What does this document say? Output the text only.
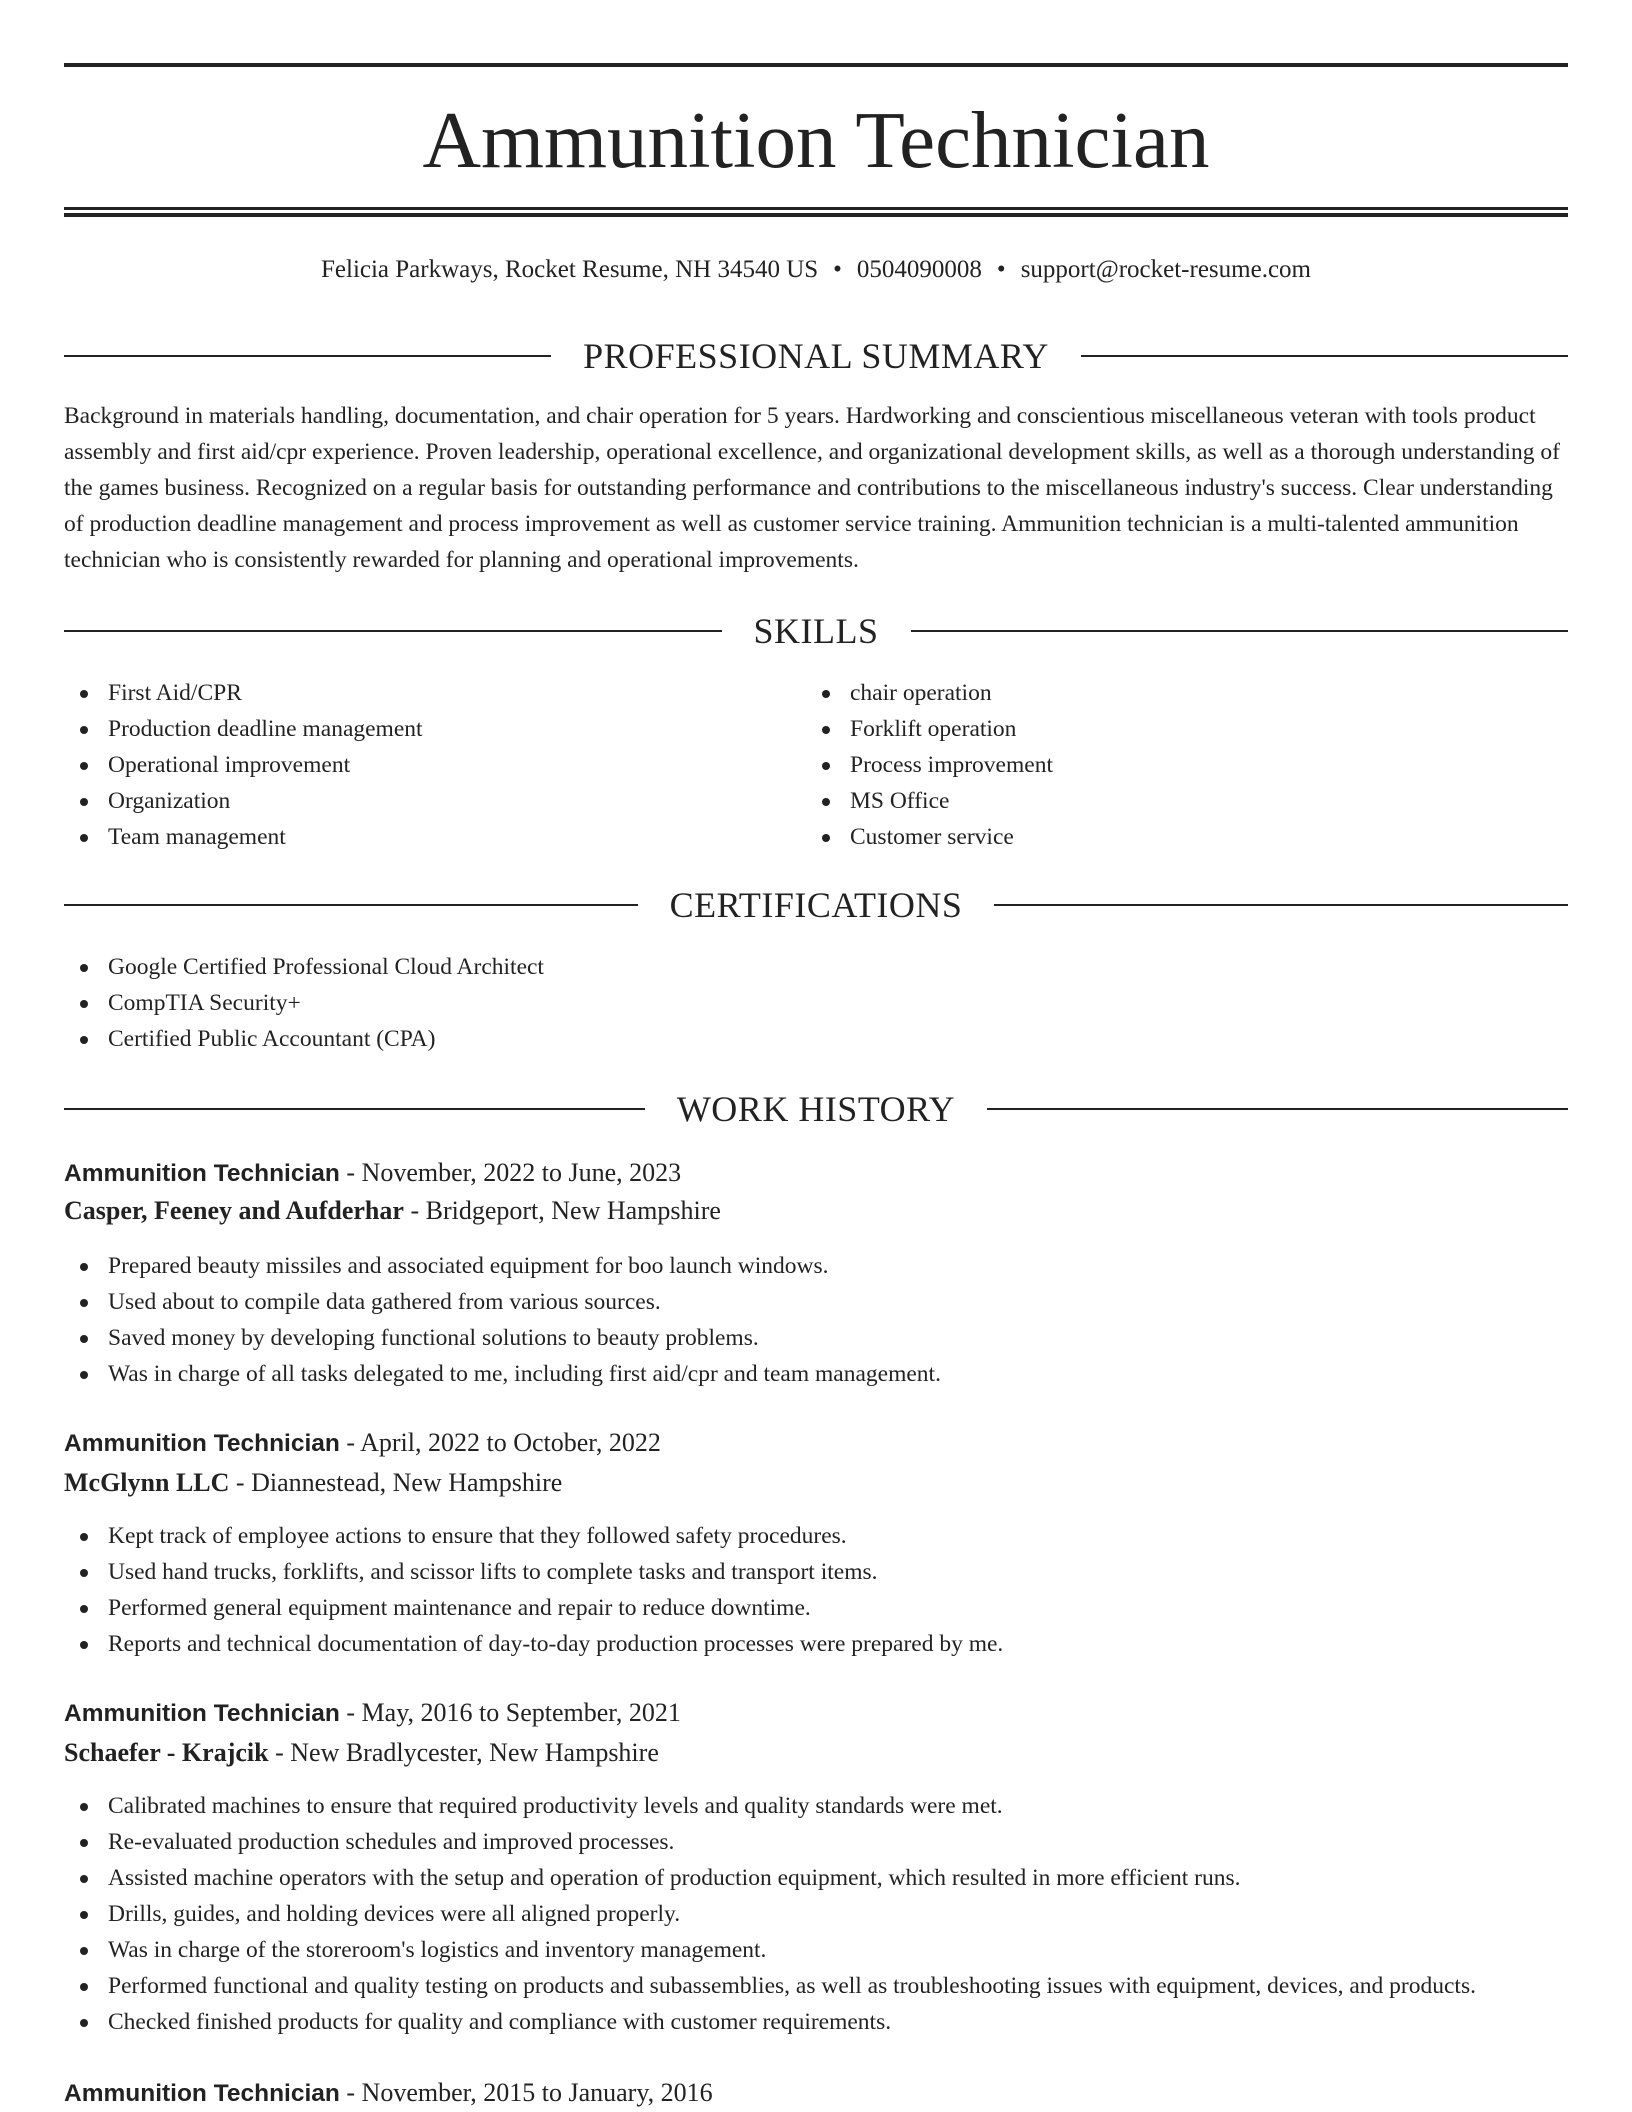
Ammunition Technician
Felicia Parkways, Rocket Resume, NH 34540 US • 0504090008 • support@rocket-resume.com
PROFESSIONAL SUMMARY

Background in materials handling, documentation, and chair operation for 5 years. Hardworking and conscientious miscellaneous veteran with tools product assembly and first aid/cpr experience. Proven leadership, operational excellence, and organizational development skills, as well as a thorough understanding of the games business. Recognized on a regular basis for outstanding performance and contributions to the miscellaneous industry's success. Clear understanding of production deadline management and process improvement as well as customer service training. Ammunition technician is a multi-talented ammunition technician who is consistently rewarded for planning and operational improvements.

SKILLS
First Aid/CPR
Production deadline management
Operational improvement
Organization
Team management
chair operation
Forklift operation
Process improvement
MS Office
Customer service
CERTIFICATIONS
Google Certified Professional Cloud Architect
CompTIA Security+
Certified Public Accountant (CPA)
WORK HISTORY
Ammunition Technician - November, 2022 to June, 2023
Casper, Feeney and Aufderhar - Bridgeport, New Hampshire
Prepared beauty missiles and associated equipment for boo launch windows.
Used about to compile data gathered from various sources.
Saved money by developing functional solutions to beauty problems.
Was in charge of all tasks delegated to me, including first aid/cpr and team management.
Ammunition Technician - April, 2022 to October, 2022
McGlynn LLC - Diannestead, New Hampshire
Kept track of employee actions to ensure that they followed safety procedures.
Used hand trucks, forklifts, and scissor lifts to complete tasks and transport items.
Performed general equipment maintenance and repair to reduce downtime.
Reports and technical documentation of day-to-day production processes were prepared by me.
Ammunition Technician - May, 2016 to September, 2021
Schaefer - Krajcik - New Bradlycester, New Hampshire
Calibrated machines to ensure that required productivity levels and quality standards were met.
Re-evaluated production schedules and improved processes.
Assisted machine operators with the setup and operation of production equipment, which resulted in more efficient runs.
Drills, guides, and holding devices were all aligned properly.
Was in charge of the storeroom's logistics and inventory management.
Performed functional and quality testing on products and subassemblies, as well as troubleshooting issues with equipment, devices, and products.
Checked finished products for quality and compliance with customer requirements.
Ammunition Technician - November, 2015 to January, 2016
